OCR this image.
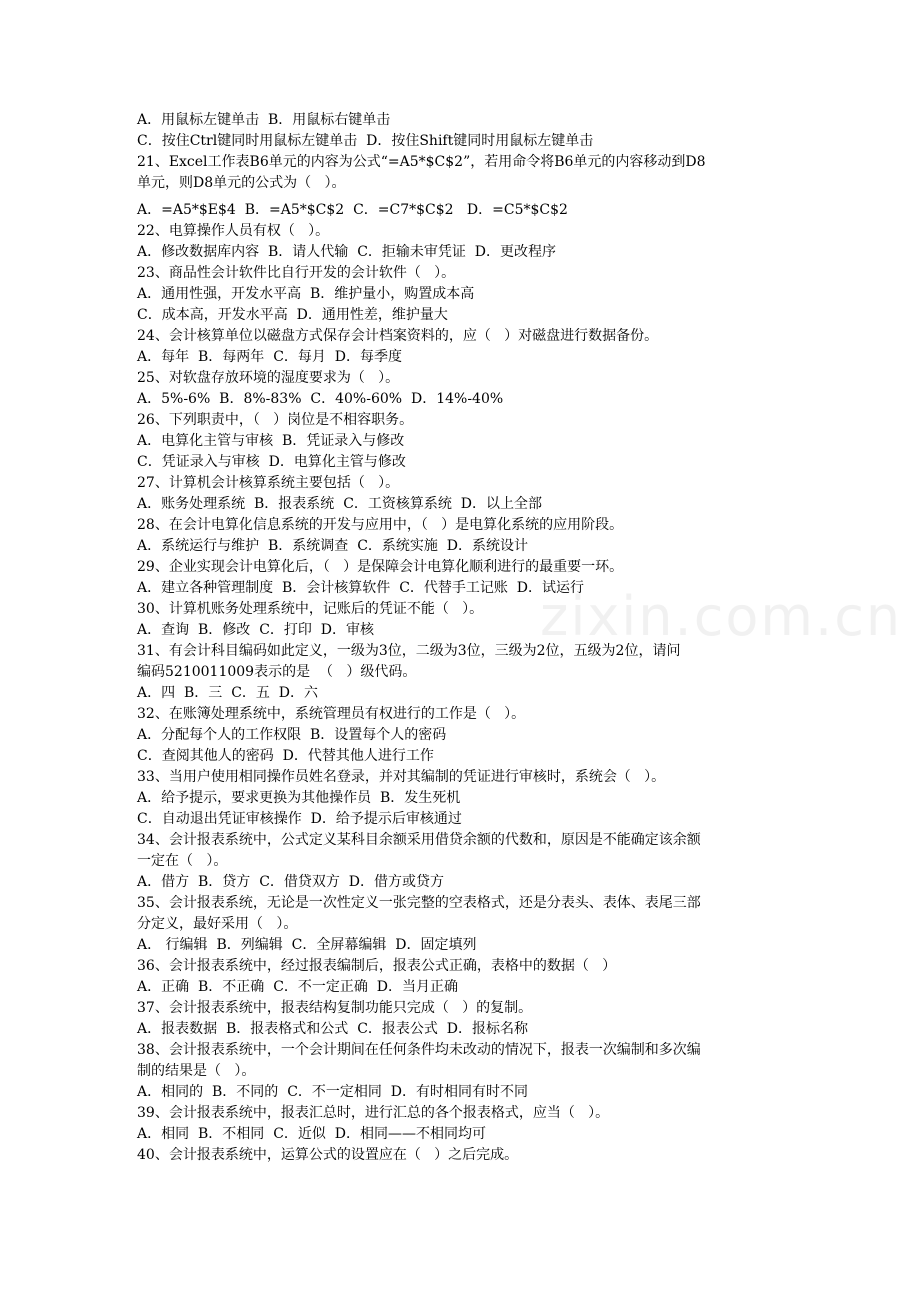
A．用鼠标左键单击  B．用鼠标右键单击
C．按住Ctrl键同时用鼠标左键单击  D．按住Shift键同时用鼠标左键单击
21、Excel工作表B6单元的内容为公式“=A5*$C$2”，若用命令将B6单元的内容移动到D8
单元，则D8单元的公式为（   ）。
A．=A5*$E$4  B．=A5*$C$2  C．=C7*$C$2   D．=C5*$C$2
22、电算操作人员有权（   ）。
A．修改数据库内容  B．请人代输  C．拒输未审凭证  D．更改程序
23、商品性会计软件比自行开发的会计软件（   ）。
A．通用性强，开发水平高  B．维护量小，购置成本高
C．成本高，开发水平高  D．通用性差，维护量大
24、会计核算单位以磁盘方式保存会计档案资料的，应（   ）对磁盘进行数据备份。
A．每年  B．每两年  C．每月  D．每季度
25、对软盘存放环境的湿度要求为（   ）。
A．5%-6%  B．8%-83%  C．40%-60%  D．14%-40%
26、下列职责中，（   ）岗位是不相容职务。
A．电算化主管与审核  B．凭证录入与修改
C．凭证录入与审核  D．电算化主管与修改
27、计算机会计核算系统主要包括（   ）。
A．账务处理系统  B．报表系统  C．工资核算系统  D．以上全部
28、在会计电算化信息系统的开发与应用中，（   ）是电算化系统的应用阶段。
A．系统运行与维护  B．系统调查  C．系统实施  D．系统设计
29、企业实现会计电算化后，（   ）是保障会计电算化顺利进行的最重要一环。
A．建立各种管理制度  B．会计核算软件  C．代替手工记账  D．试运行
30、计算机账务处理系统中，记账后的凭证不能（   ）。
A．查询  B．修改  C．打印  D．审核
31、有会计科目编码如此定义，一级为3位，二级为3位，三级为2位，五级为2位，请问
编码5210011009表示的是  （   ）级代码。
A．四  B．三  C．五  D．六
32、在账簿处理系统中，系统管理员有权进行的工作是（   ）。
A．分配每个人的工作权限  B．设置每个人的密码
C．查阅其他人的密码  D．代替其他人进行工作
33、当用户使用相同操作员姓名登录，并对其编制的凭证进行审核时，系统会（   ）。
A．给予提示，要求更换为其他操作员  B．发生死机
C．自动退出凭证审核操作  D．给予提示后审核通过
34、会计报表系统中，公式定义某科目余额采用借贷余额的代数和，原因是不能确定该余额
一定在（   ）。
A．借方  B．贷方  C．借贷双方  D．借方或贷方
35、会计报表系统，无论是一次性定义一张完整的空表格式，还是分表头、表体、表尾三部
分定义，最好采用（   ）。
A． 行编辑  B．列编辑  C．全屏幕编辑  D．固定填列
36、会计报表系统中，经过报表编制后，报表公式正确，表格中的数据（   ）
A．正确  B．不正确  C．不一定正确  D．当月正确
37、会计报表系统中，报表结构复制功能只完成（   ）的复制。
A．报表数据  B．报表格式和公式  C．报表公式  D．报标名称
38、会计报表系统中，一个会计期间在任何条件均未改动的情况下，报表一次编制和多次编
制的结果是（   ）。
A．相同的  B．不同的  C．不一定相同  D．有时相同有时不同
39、会计报表系统中，报表汇总时，进行汇总的各个报表格式，应当（   ）。
A．相同  B．不相同  C．近似  D．相同——不相同均可
40、会计报表系统中，运算公式的设置应在（   ）之后完成。
zixin.com.cn
